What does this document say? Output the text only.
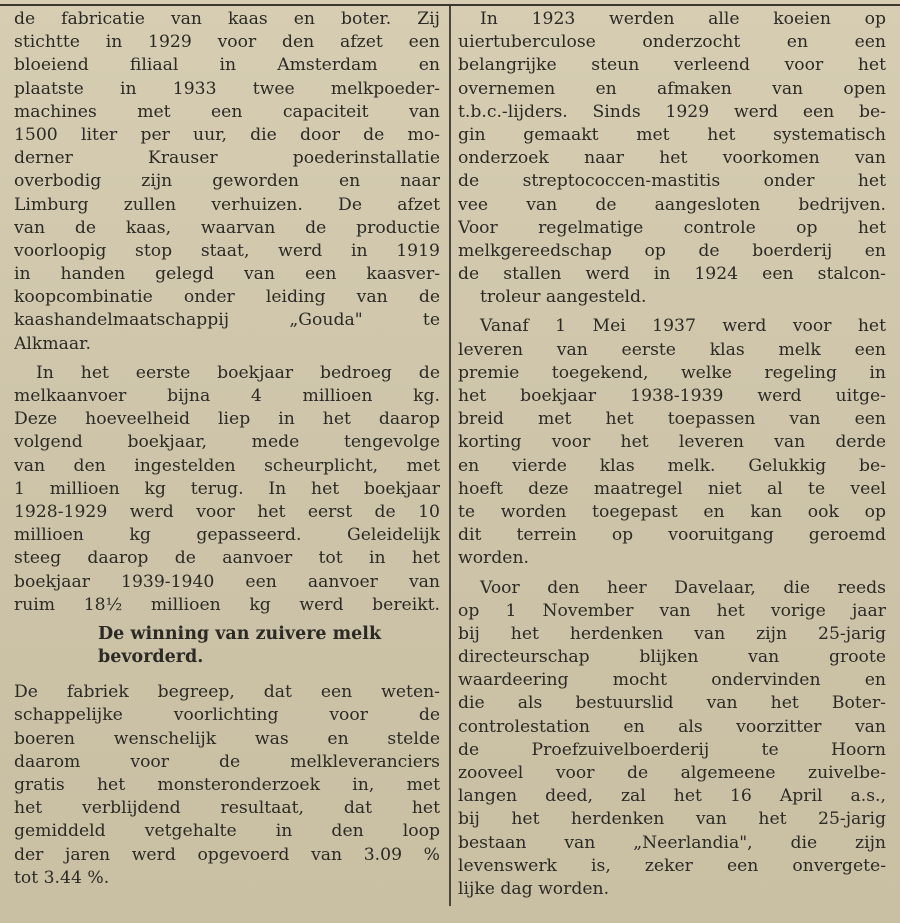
de fabricatie van kaas en boter. Zij
stichtte in 1929 voor den afzet een
bloeiend filiaal in Amsterdam en
plaatste in 1933 twee melkpoeder-
machines met een capaciteit van
1500 liter per uur, die door de mo-
derner Krauser poederinstallatie
overbodig zijn geworden en naar
Limburg zullen verhuizen. De afzet
van de kaas, waarvan de productie
voorloopig stop staat, werd in 1919
in handen gelegd van een kaasver-
koopcombinatie onder leiding van de
kaashandelmaatschappij „Gouda" te
Alkmaar.
In het eerste boekjaar bedroeg de
melkaanvoer bijna 4 millioen kg.
Deze hoeveelheid liep in het daarop
volgend boekjaar, mede tengevolge
van den ingestelden scheurplicht, met
1 millioen kg terug. In het boekjaar
1928-1929 werd voor het eerst de 10
millioen kg gepasseerd. Geleidelijk
steeg daarop de aanvoer tot in het
boekjaar 1939-1940 een aanvoer van
ruim 18½ millioen kg werd bereikt.
De winning van zuivere melk
bevorderd.
De fabriek begreep, dat een weten-
schappelijke voorlichting voor de
boeren wenschelijk was en stelde
daarom voor de melkleveranciers
gratis het monsteronderzoek in, met
het verblijdend resultaat, dat het
gemiddeld vetgehalte in den loop
der jaren werd opgevoerd van 3.09 %
tot 3.44 %.
In 1923 werden alle koeien op
uiertuberculose onderzocht en een
belangrijke steun verleend voor het
overnemen en afmaken van open
t.b.c.-lijders. Sinds 1929 werd een be-
gin gemaakt met het systematisch
onderzoek naar het voorkomen van
de streptococcen-mastitis onder het
vee van de aangesloten bedrijven.
Voor regelmatige controle op het
melkgereedschap op de boerderij en
de stallen werd in 1924 een stalcon-
troleur aangesteld.
Vanaf 1 Mei 1937 werd voor het
leveren van eerste klas melk een
premie toegekend, welke regeling in
het boekjaar 1938-1939 werd uitge-
breid met het toepassen van een
korting voor het leveren van derde
en vierde klas melk. Gelukkig be-
hoeft deze maatregel niet al te veel
te worden toegepast en kan ook op
dit terrein op vooruitgang geroemd
worden.
Voor den heer Davelaar, die reeds
op 1 November van het vorige jaar
bij het herdenken van zijn 25-jarig
directeurschap blijken van groote
waardeering mocht ondervinden en
die als bestuurslid van het Boter-
controlestation en als voorzitter van
de Proefzuivelboerderij te Hoorn
zooveel voor de algemeene zuivelbe-
langen deed, zal het 16 April a.s.,
bij het herdenken van het 25-jarig
bestaan van „Neerlandia", die zijn
levenswerk is, zeker een onvergete-
lijke dag worden.
